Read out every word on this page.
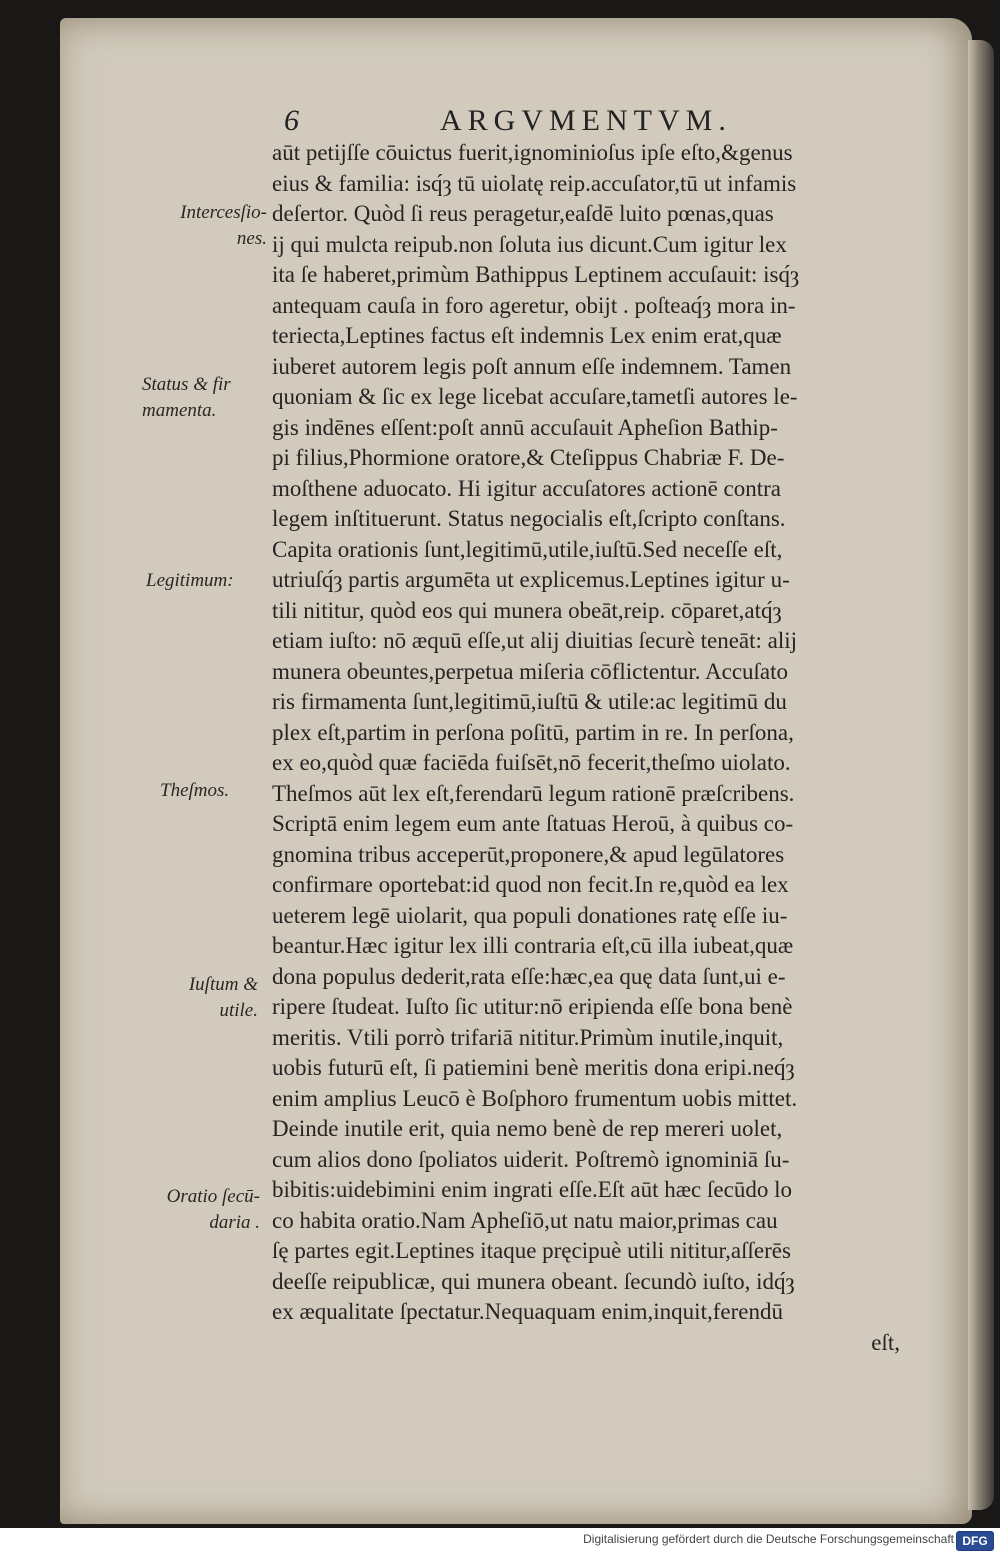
6	ARGVMENTVM.
Intercesſio-
nes.
Status & fir
mamenta.
Legitimum:
Theſmos.
Iuſtum &
utile.
Oratio ſecū-
daria .
aūt petijſſe cōuictus fuerit,ignominioſus ipſe eſto,&genus
eius & familia: isq́ȝ tū uiolatę reip.accuſator,tū ut infamis
deſertor. Quòd ſi reus peragetur,eaſdē luito pœnas,quas
ij qui mulcta reipub.non ſoluta ius dicunt.Cum igitur lex
ita ſe haberet,primùm Bathippus Leptinem accuſauit: isq́ȝ
antequam cauſa in foro ageretur, obijt . poſteaq́ȝ mora in-
teriecta,Leptines factus eſt indemnis Lex enim erat,quæ
iuberet autorem legis poſt annum eſſe indemnem. Tamen
quoniam & ſic ex lege licebat accuſare,tametſi autores le-
gis indēnes eſſent:poſt annū accuſauit Apheſion Bathip-
pi filius,Phormione oratore,& Cteſippus Chabriæ F. De-
moſthene aduocato. Hi igitur accuſatores actionē contra
legem inſtituerunt. Status negocialis eſt,ſcripto conſtans.
Capita orationis ſunt,legitimū,utile,iuſtū.Sed neceſſe eſt,
utriuſq́ȝ partis argumēta ut explicemus.Leptines igitur u-
tili nititur, quòd eos qui munera obeāt,reip. cōparet,atq́ȝ
etiam iuſto: nō æquū eſſe,ut alij diuitias ſecurè teneāt: alij
munera obeuntes,perpetua miſeria cōflictentur. Accuſato
ris firmamenta ſunt,legitimū,iuſtū & utile:ac legitimū du
plex eſt,partim in perſona poſitū, partim in re. In perſona,
ex eo,quòd quæ faciēda fuiſsēt,nō fecerit,theſmo uiolato.
Theſmos aūt lex eſt,ferendarū legum rationē præſcribens.
Scriptā enim legem eum ante ſtatuas Heroū, à quibus co-
gnomina tribus acceperūt,proponere,& apud legūlatores
confirmare oportebat:id quod non fecit.In re,quòd ea lex
ueterem legē uiolarit, qua populi donationes ratę eſſe iu-
beantur.Hæc igitur lex illi contraria eſt,cū illa iubeat,quæ
dona populus dederit,rata eſſe:hæc,ea quę data ſunt,ui e-
ripere ſtudeat. Iuſto ſic utitur:nō eripienda eſſe bona benè
meritis. Vtili porrò trifariā nititur.Primùm inutile,inquit,
uobis futurū eſt, ſi patiemini benè meritis dona eripi.neq́ȝ
enim amplius Leucō è Boſphoro frumentum uobis mittet.
Deinde inutile erit, quia nemo benè de rep mereri uolet,
cum alios dono ſpoliatos uiderit. Poſtremò ignominiā ſu-
bibitis:uidebimini enim ingrati eſſe.Eſt aūt hæc ſecūdo lo
co habita oratio.Nam Apheſiō,ut natu maior,primas cau
ſę partes egit.Leptines itaque pręcipuè utili nititur,aſſerēs
deeſſe reipublicæ, qui munera obeant. ſecundò iuſto, idq́ȝ
ex æqualitate ſpectatur.Nequaquam enim,inquit,ferendū
eſt,
Digitalisierung gefördert durch die Deutsche Forschungsgemeinschaft DFG
